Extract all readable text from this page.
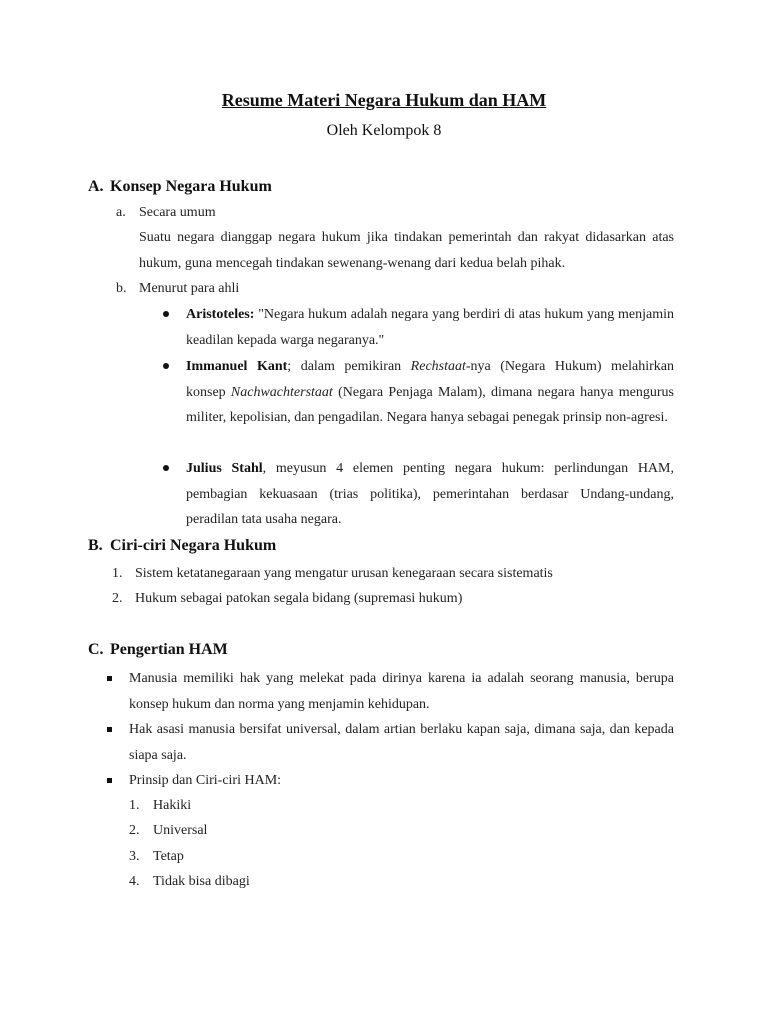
Resume Materi Negara Hukum dan HAM
Oleh Kelompok 8
A. Konsep Negara Hukum
a. Secara umum
Suatu negara dianggap negara hukum jika tindakan pemerintah dan rakyat didasarkan atas hukum, guna mencegah tindakan sewenang-wenang dari kedua belah pihak.
b. Menurut para ahli
Aristoteles: "Negara hukum adalah negara yang berdiri di atas hukum yang menjamin keadilan kepada warga negaranya."
Immanuel Kant; dalam pemikiran Rechstaat-nya (Negara Hukum) melahirkan konsep Nachwachterstaat (Negara Penjaga Malam), dimana negara hanya mengurus militer, kepolisian, dan pengadilan. Negara hanya sebagai penegak prinsip non-agresi.
Julius Stahl, meyusun 4 elemen penting negara hukum: perlindungan HAM, pembagian kekuasaan (trias politika), pemerintahan berdasar Undang-undang, peradilan tata usaha negara.
B. Ciri-ciri Negara Hukum
1. Sistem ketatanegaraan yang mengatur urusan kenegaraan secara sistematis
2. Hukum sebagai patokan segala bidang (supremasi hukum)
C. Pengertian HAM
Manusia memiliki hak yang melekat pada dirinya karena ia adalah seorang manusia, berupa konsep hukum dan norma yang menjamin kehidupan.
Hak asasi manusia bersifat universal, dalam artian berlaku kapan saja, dimana saja, dan kepada siapa saja.
Prinsip dan Ciri-ciri HAM:
1. Hakiki
2. Universal
3. Tetap
4. Tidak bisa dibagi
